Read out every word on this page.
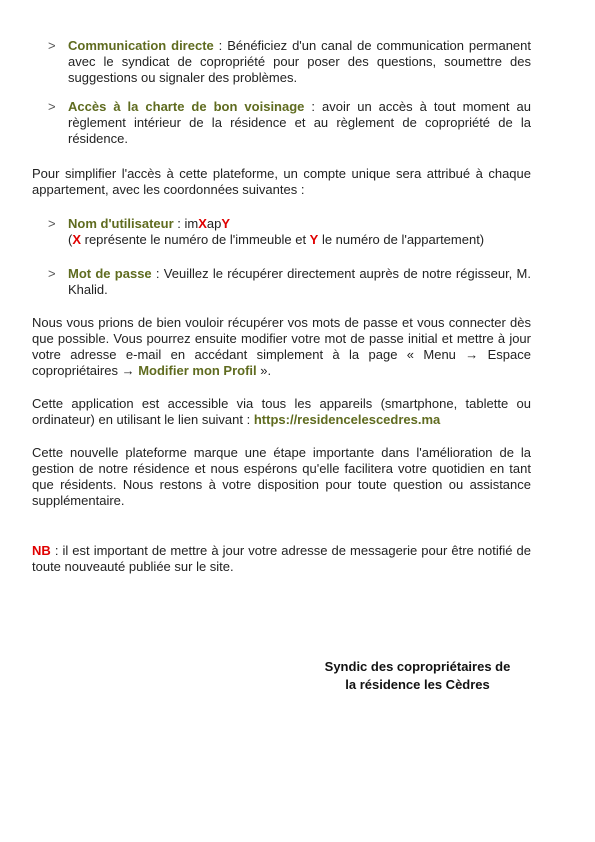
> Communication directe : Bénéficiez d'un canal de communication permanent avec le syndicat de copropriété pour poser des questions, soumettre des suggestions ou signaler des problèmes.
> Accès à la charte de bon voisinage : avoir un accès à tout moment au règlement intérieur de la résidence et au règlement de copropriété de la résidence.
Pour simplifier l'accès à cette plateforme, un compte unique sera attribué à chaque appartement, avec les coordonnées suivantes :
> Nom d'utilisateur : imXapY
(X représente le numéro de l'immeuble et Y le numéro de l'appartement)
> Mot de passe : Veuillez le récupérer directement auprès de notre régisseur, M. Khalid.
Nous vous prions de bien vouloir récupérer vos mots de passe et vous connecter dès que possible. Vous pourrez ensuite modifier votre mot de passe initial et mettre à jour votre adresse e-mail en accédant simplement à la page « Menu → Espace copropriétaires → Modifier mon Profil ».
Cette application est accessible via tous les appareils (smartphone, tablette ou ordinateur) en utilisant le lien suivant : https://residencelescedres.ma
Cette nouvelle plateforme marque une étape importante dans l'amélioration de la gestion de notre résidence et nous espérons qu'elle facilitera votre quotidien en tant que résidents. Nous restons à votre disposition pour toute question ou assistance supplémentaire.
NB : il est important de mettre à jour votre adresse de messagerie pour être notifié de toute nouveauté publiée sur le site.
Syndic des copropriétaires de
la résidence les Cèdres
